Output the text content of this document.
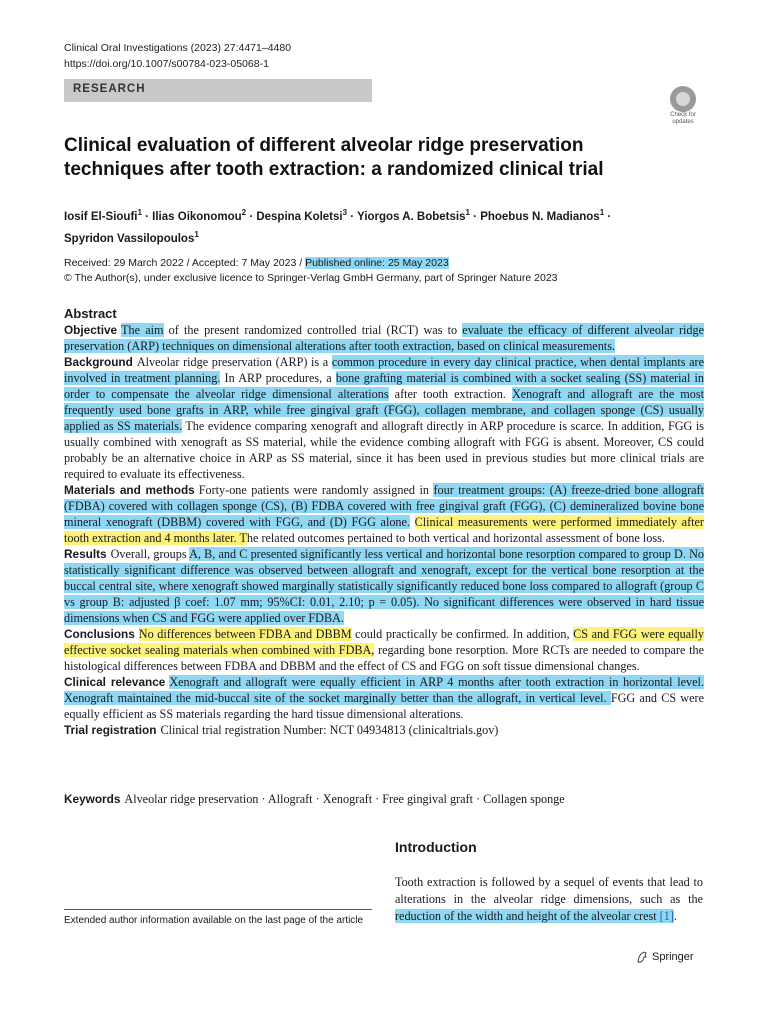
Clinical Oral Investigations (2023) 27:4471–4480
https://doi.org/10.1007/s00784-023-05068-1
RESEARCH
Check for
updates
Clinical evaluation of different alveolar ridge preservation techniques after tooth extraction: a randomized clinical trial
Iosif El-Sioufi$^1$ · Ilias Oikonomou$^2$ · Despina Koletsi$^3$ · Yiorgos A. Bobetsis$^1$ · Phoebus N. Madianos$^1$ · Spyridon Vassilopoulos$^1$
Received: 29 March 2022 / Accepted: 7 May 2023 / Published online: 25 May 2023
© The Author(s), under exclusive licence to Springer-Verlag GmbH Germany, part of Springer Nature 2023
Abstract

Objective The aim of the present randomized controlled trial (RCT) was to evaluate the efficacy of different alveolar ridge preservation (ARP) techniques on dimensional alterations after tooth extraction, based on clinical measurements.

Background Alveolar ridge preservation (ARP) is a common procedure in every day clinical practice, when dental implants are involved in treatment planning. In ARP procedures, a bone grafting material is combined with a socket sealing (SS) material in order to compensate the alveolar ridge dimensional alterations after tooth extraction. Xenograft and allograft are the most frequently used bone grafts in ARP, while free gingival graft (FGG), collagen membrane, and collagen sponge (CS) usually applied as SS materials. The evidence comparing xenograft and allograft directly in ARP procedure is scarce. In addition, FGG is usually combined with xenograft as SS material, while the evidence combing allograft with FGG is absent. Moreover, CS could probably be an alternative choice in ARP as SS material, since it has been used in previous studies but more clinical trials are required to evaluate its effectiveness.

Materials and methods Forty-one patients were randomly assigned in four treatment groups: (A) freeze-dried bone allograft (FDBA) covered with collagen sponge (CS), (B) FDBA covered with free gingival graft (FGG), (C) demineralized bovine bone mineral xenograft (DBBM) covered with FGG, and (D) FGG alone. Clinical measurements were performed immediately after tooth extraction and 4 months later. The related outcomes pertained to both vertical and horizontal assessment of bone loss.

Results Overall, groups A, B, and C presented significantly less vertical and horizontal bone resorption compared to group D. No statistically significant difference was observed between allograft and xenograft, except for the vertical bone resorption at the buccal central site, where xenograft showed marginally statistically significantly reduced bone loss compared to allograft (group C vs group B: adjusted β coef: 1.07 mm; 95%CI: 0.01, 2.10; p = 0.05). No significant differences were observed in hard tissue dimensions when CS and FGG were applied over FDBA.

Conclusions No differences between FDBA and DBBM could practically be confirmed. In addition, CS and FGG were equally effective socket sealing materials when combined with FDBA, regarding bone resorption. More RCTs are needed to compare the histological differences between FDBA and DBBM and the effect of CS and FGG on soft tissue dimensional changes.

Clinical relevance Xenograft and allograft were equally efficient in ARP 4 months after tooth extraction in horizontal level. Xenograft maintained the mid-buccal site of the socket marginally better than the allograft, in vertical level. FGG and CS were equally efficient as SS materials regarding the hard tissue dimensional alterations.

Trial registration Clinical trial registration Number: NCT 04934813 (clinicaltrials.gov)

Keywords Alveolar ridge preservation · Allograft · Xenograft · Free gingival graft · Collagen sponge
Introduction
Tooth extraction is followed by a sequel of events that lead to alterations in the alveolar ridge dimensions, such as the reduction of the width and height of the alveolar crest [1].
Extended author information available on the last page of the article
Springer
